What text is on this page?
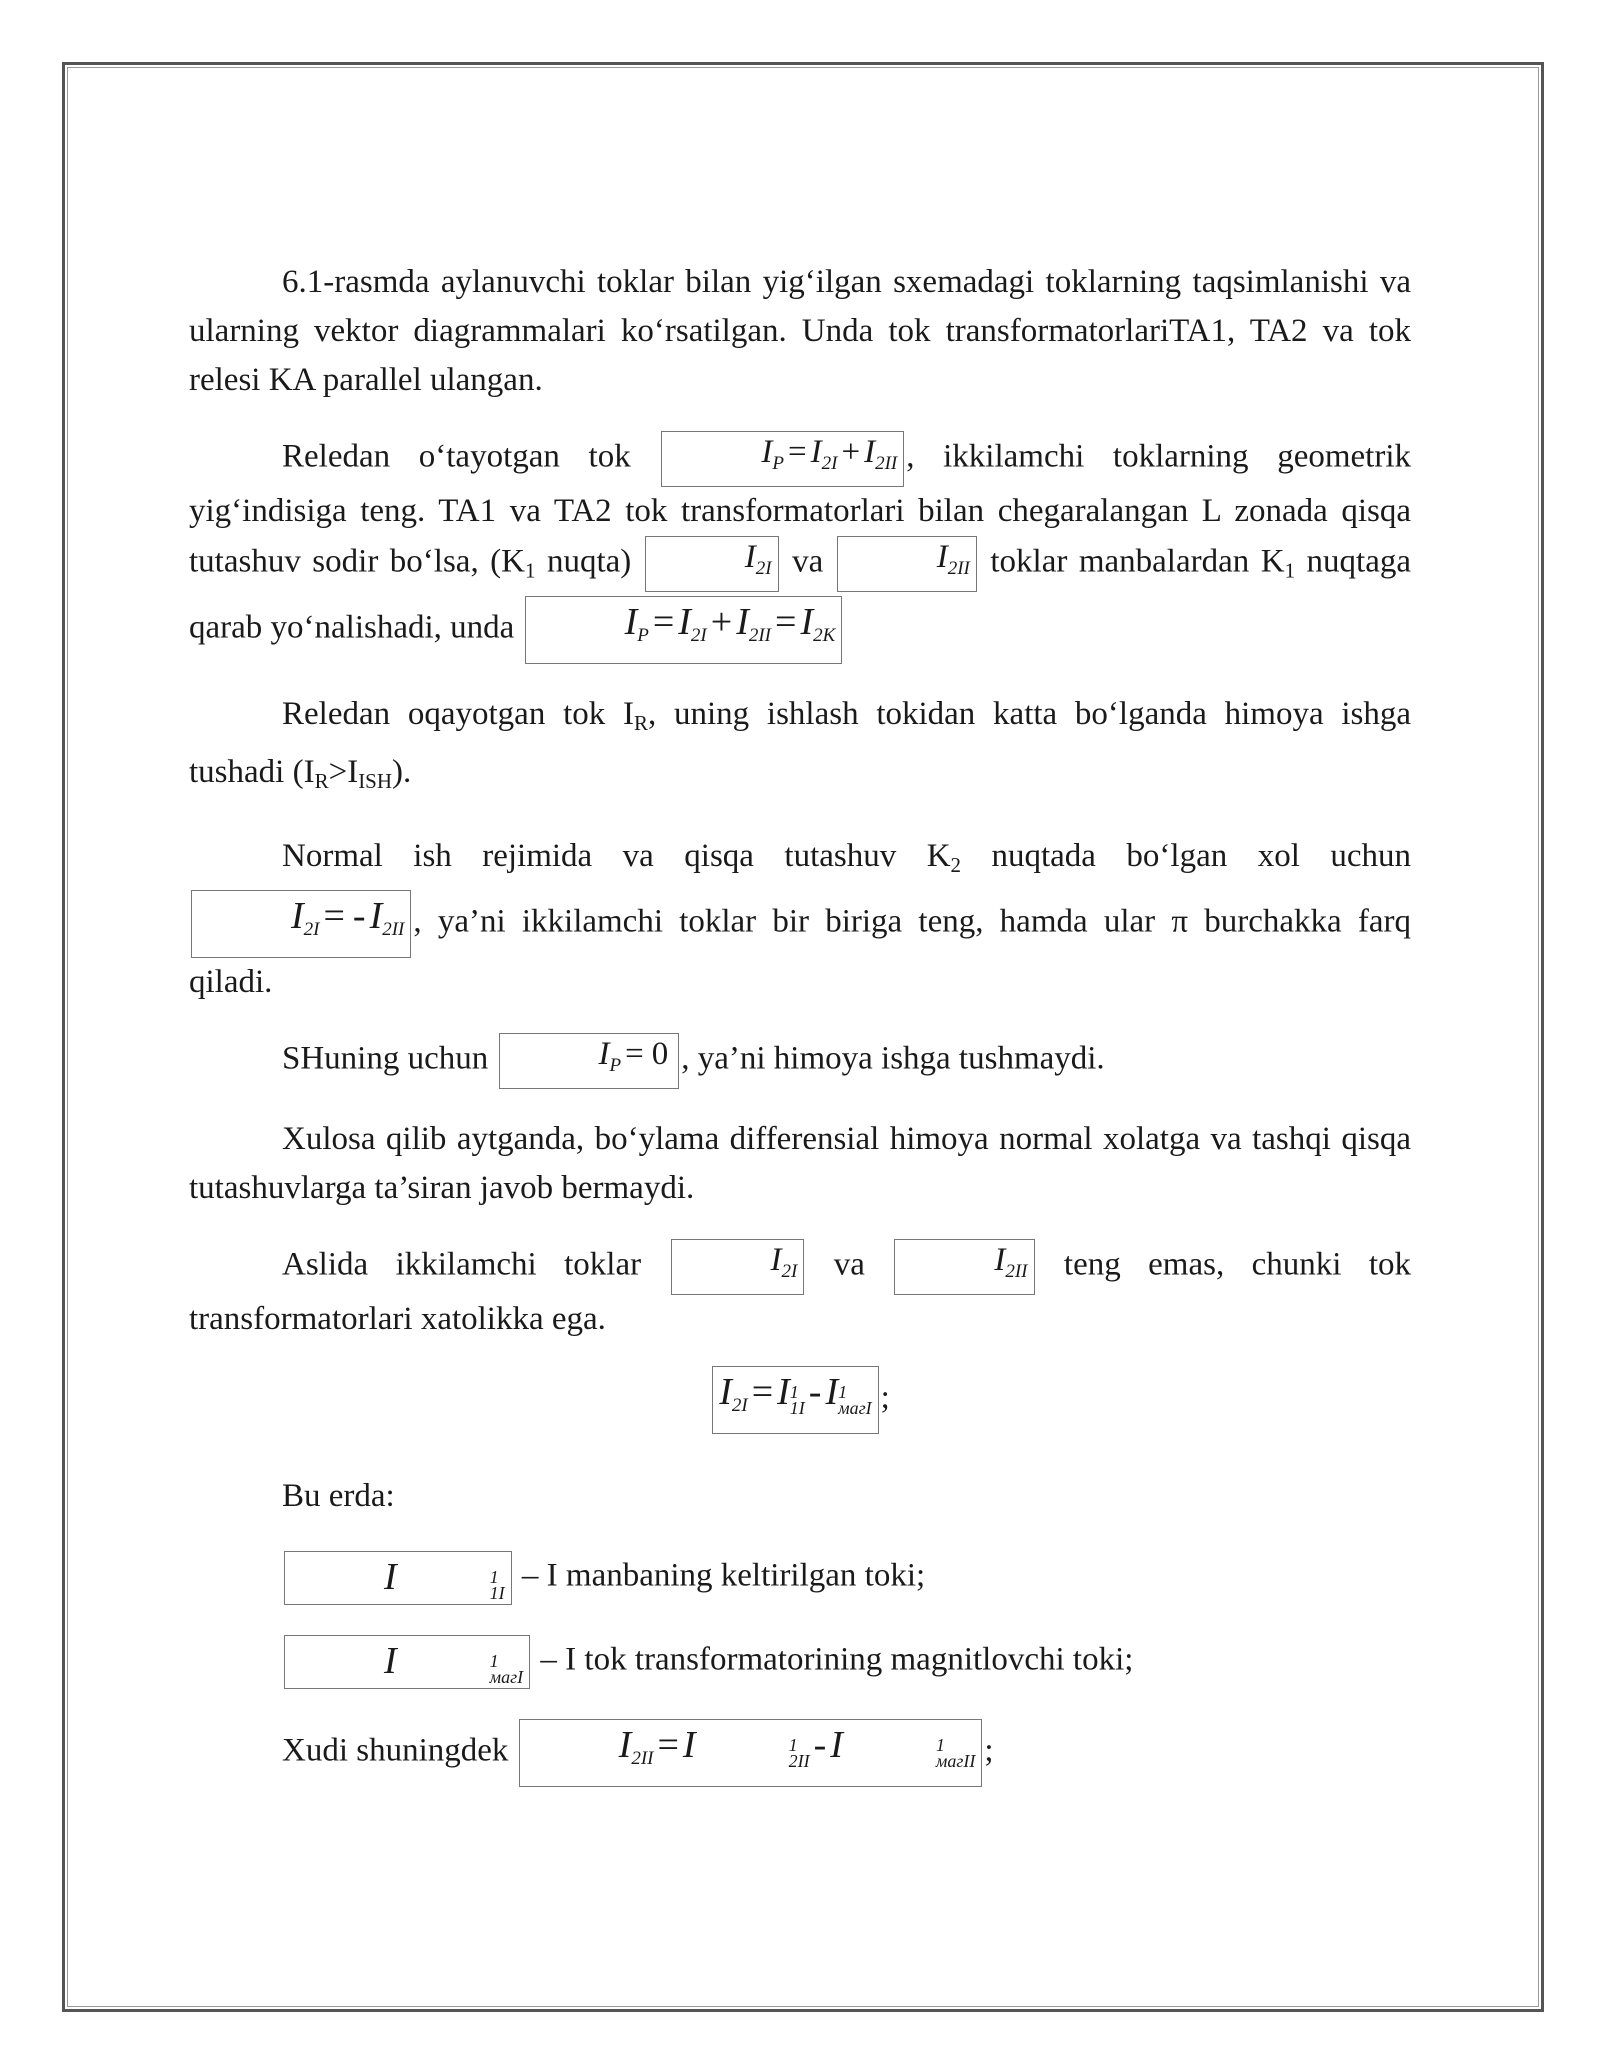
6.1-rasmda aylanuvchi toklar bilan yig‘ilgan sxemadagi toklarning taqsimlanishi va ularning vektor diagrammalari ko‘rsatilgan. Unda tok transformatorlariTA1, TA2 va tok relesi KA parallel ulangan.

Reledan o‘tayotgan tok	$I_P = I_{2I} + I_{2II}$ , ikkilamchi toklarning geometrik yig‘indisiga teng. TA1 va TA2 tok transformatorlari bilan chegaralangan L zonada qisqa tutashuv sodir bo‘lsa, ($K_1$ nuqta)	$I_{2I}$ va	$I_{2II}$ toklar manbalardan $K_1$ nuqtaga qarab yo‘nalishadi, unda	IP = I2I + I2II = I2K

Reledan oqayotgan tok $I_R$, uning ishlash tokidan katta bo‘lganda himoya ishga tushadi $(I_R>I_{ISH})$.

Normal ish rejimida va qisqa tutashuv $K_2$ nuqtada bo‘lgan xol uchun I2I = - I2II , ya’ni ikkilamchi toklar bir biriga teng, hamda ular π burchakka farq qiladi.

SHuning uchun	$I_P = 0$ , ya’ni himoya ishga tushmaydi.

Xulosa qilib aytganda, bo‘ylama differensial himoya normal xolatga va tashqi qisqa tutashuvlarga ta’siran javob bermaydi.

Aslida ikkilamchi toklar	$I_{2I}$ va	$I_{2II}$ teng emas, chunki tok transformatorlari xatolikka ega.

I2I = I 1
1I - I 1
магI ;

Bu erda:

I	1
1I – I manbaning keltirilgan toki;

I	1
магI – I tok transformatorining magnitlovchi toki;

Xudi shuningdek	I2II = I	1
2II - I	1
магII ;
